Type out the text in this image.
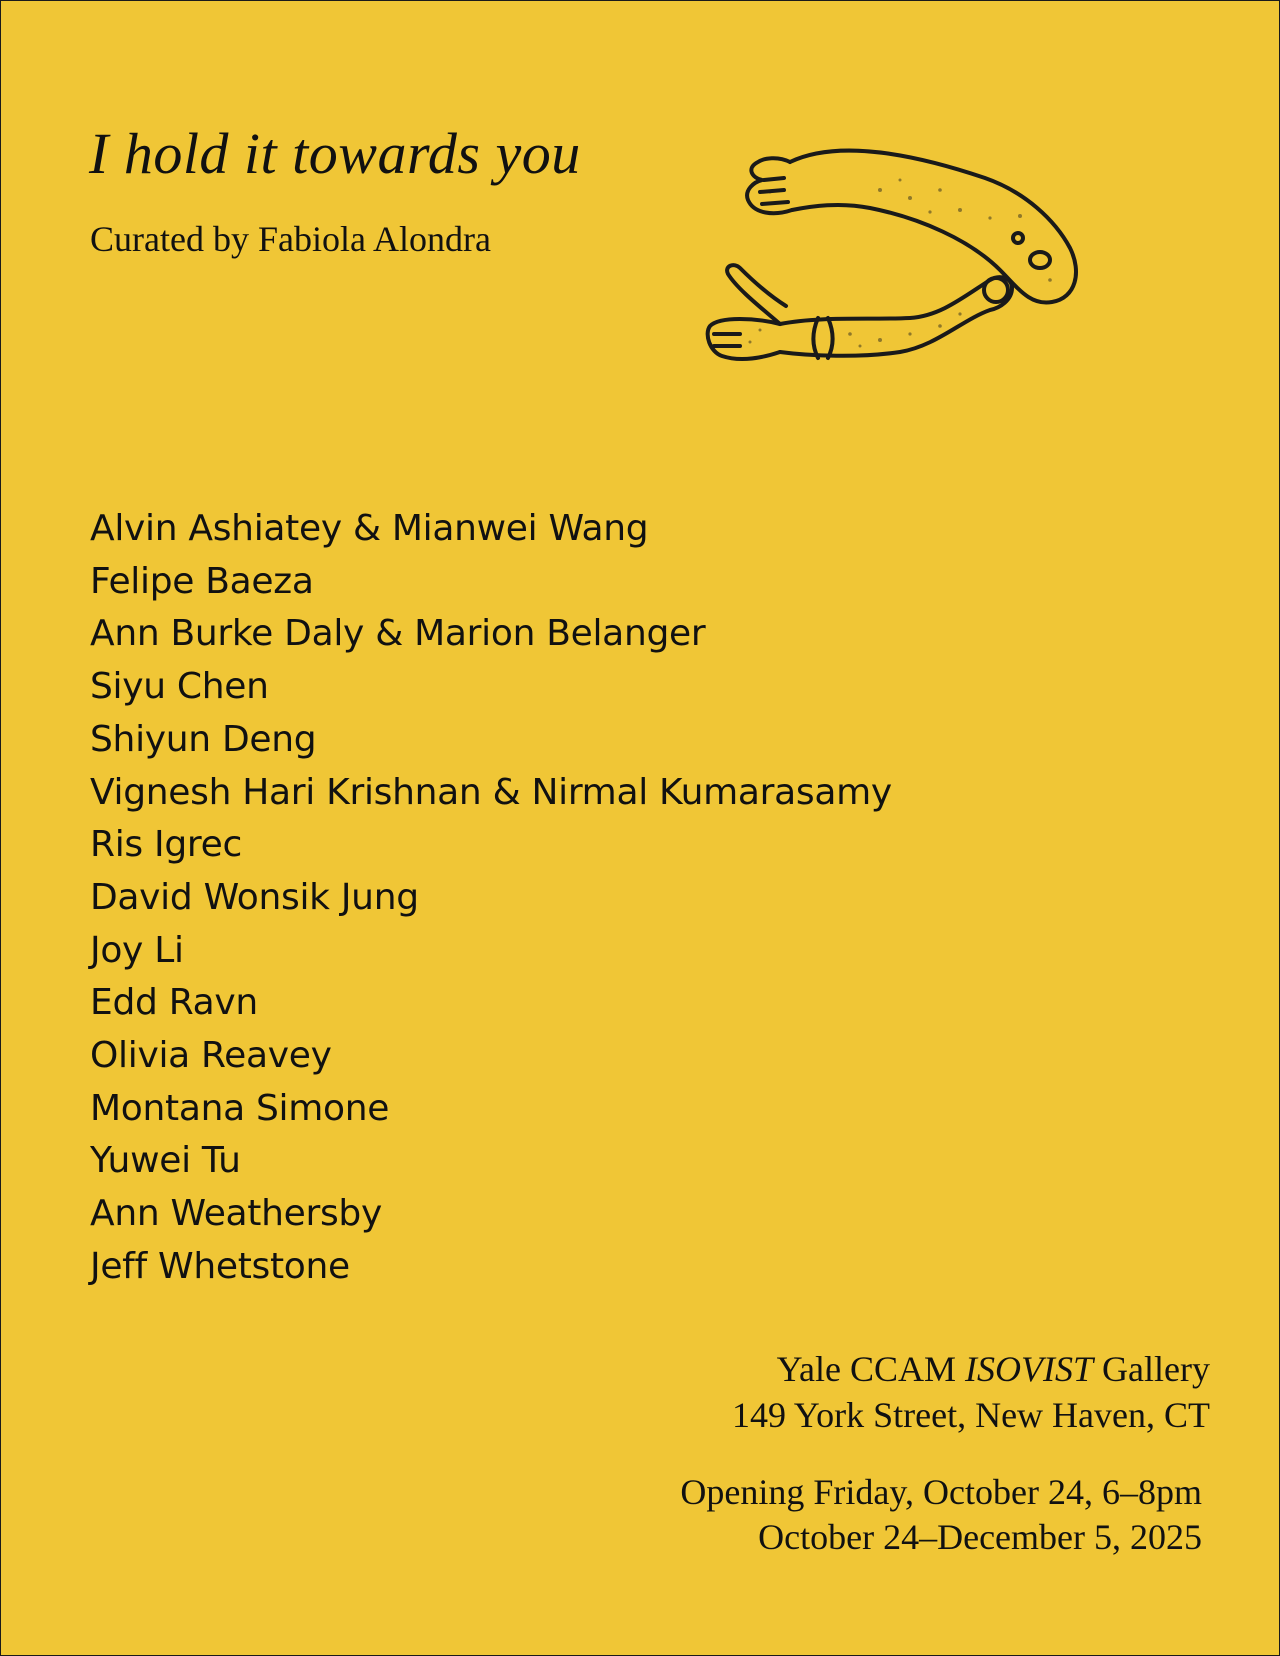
I hold it towards you
Curated by Fabiola Alondra
Alvin Ashiatey & Mianwei Wang
Felipe Baeza
Ann Burke Daly & Marion Belanger
Siyu Chen
Shiyun Deng
Vignesh Hari Krishnan & Nirmal Kumarasamy
Ris Igrec
David Wonsik Jung
Joy Li
Edd Ravn
Olivia Reavey
Montana Simone
Yuwei Tu
Ann Weathersby
Jeff Whetstone
Yale CCAM ISOVIST Gallery
149 York Street, New Haven, CT
Opening Friday, October 24, 6–8pm
October 24–December 5, 2025
